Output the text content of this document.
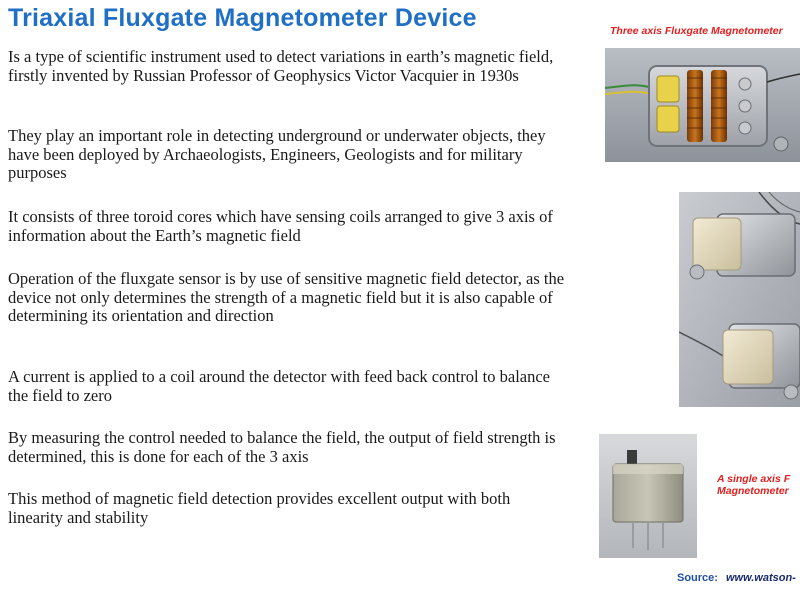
Triaxial Fluxgate Magnetometer Device
Is a type of scientific instrument used to detect variations in earth’s magnetic field, firstly invented by Russian Professor of Geophysics Victor Vacquier in 1930s
They play an important role in detecting underground or underwater objects, they have been deployed by Archaeologists, Engineers, Geologists and for military purposes
It consists of three toroid cores which have sensing coils arranged to give 3 axis of information about the Earth’s magnetic field
Operation of the fluxgate sensor is by use of sensitive magnetic field detector, as the device not only determines the strength of a magnetic field but it is also capable of determining its orientation and direction
A current is applied to a coil around the detector with feed back control to balance the field to zero
By measuring the control needed to balance the field, the output of field strength is determined, this is done for each of the 3 axis
This method of magnetic field detection provides excellent output with both linearity and stability
Three axis Fluxgate Magnetometer
A single axis F
Magnetometer
Source: www.watson-
